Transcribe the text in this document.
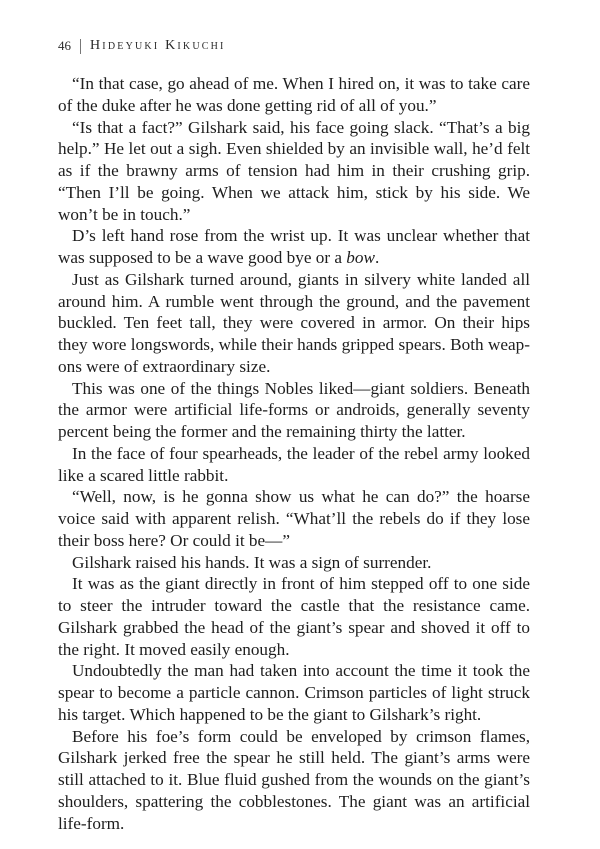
46 Hideyuki Kikuchi

“In that case, go ahead of me. When I hired on, it was to take care of the duke after he was done getting rid of all of you.”

“Is that a fact?” Gilshark said, his face going slack. “That’s a big help.” He let out a sigh. Even shielded by an invisible wall, he’d felt as if the brawny arms of tension had him in their crushing grip. “Then I’ll be going. When we attack him, stick by his side. We won’t be in touch.”

D’s left hand rose from the wrist up. It was unclear whether that was supposed to be a wave good bye or a bow.

Just as Gilshark turned around, giants in silvery white landed all around him. A rumble went through the ground, and the pavement buckled. Ten feet tall, they were covered in armor. On their hips they wore longswords, while their hands gripped spears. Both weapons were of extraordinary size.

This was one of the things Nobles liked—giant soldiers. Beneath the armor were artificial life-forms or androids, generally seventy percent being the former and the remaining thirty the latter.

In the face of four spearheads, the leader of the rebel army looked like a scared little rabbit.

“Well, now, is he gonna show us what he can do?” the hoarse voice said with apparent relish. “What’ll the rebels do if they lose their boss here? Or could it be—”

Gilshark raised his hands. It was a sign of surrender.

It was as the giant directly in front of him stepped off to one side to steer the intruder toward the castle that the resistance came. Gilshark grabbed the head of the giant’s spear and shoved it off to the right. It moved easily enough.

Undoubtedly the man had taken into account the time it took the spear to become a particle cannon. Crimson particles of light struck his target. Which happened to be the giant to Gilshark’s right.

Before his foe’s form could be enveloped by crimson flames, Gilshark jerked free the spear he still held. The giant’s arms were still attached to it. Blue fluid gushed from the wounds on the giant’s shoulders, spattering the cobblestones. The giant was an artificial life-form.
